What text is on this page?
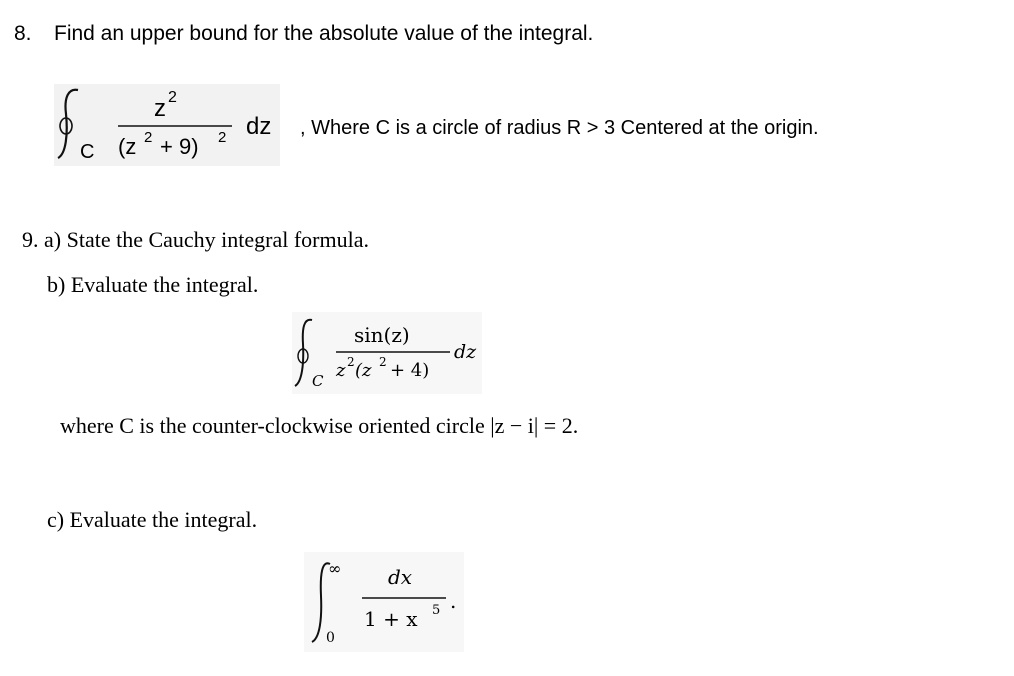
8. Find an upper bound for the absolute value of the integral.
C
z 2
(z 2 + 9) 2 dz , Where C is a circle of radius R > 3 Centered at the origin.
9. a) State the Cauchy integral formula.
b) Evaluate the integral.
C
sin(z)
z 2 (z 2 + 4)
dz
where C is the counter-clockwise oriented circle |z − i| = 2.
c) Evaluate the integral.
∞
0
dx
1 + x 5 .
